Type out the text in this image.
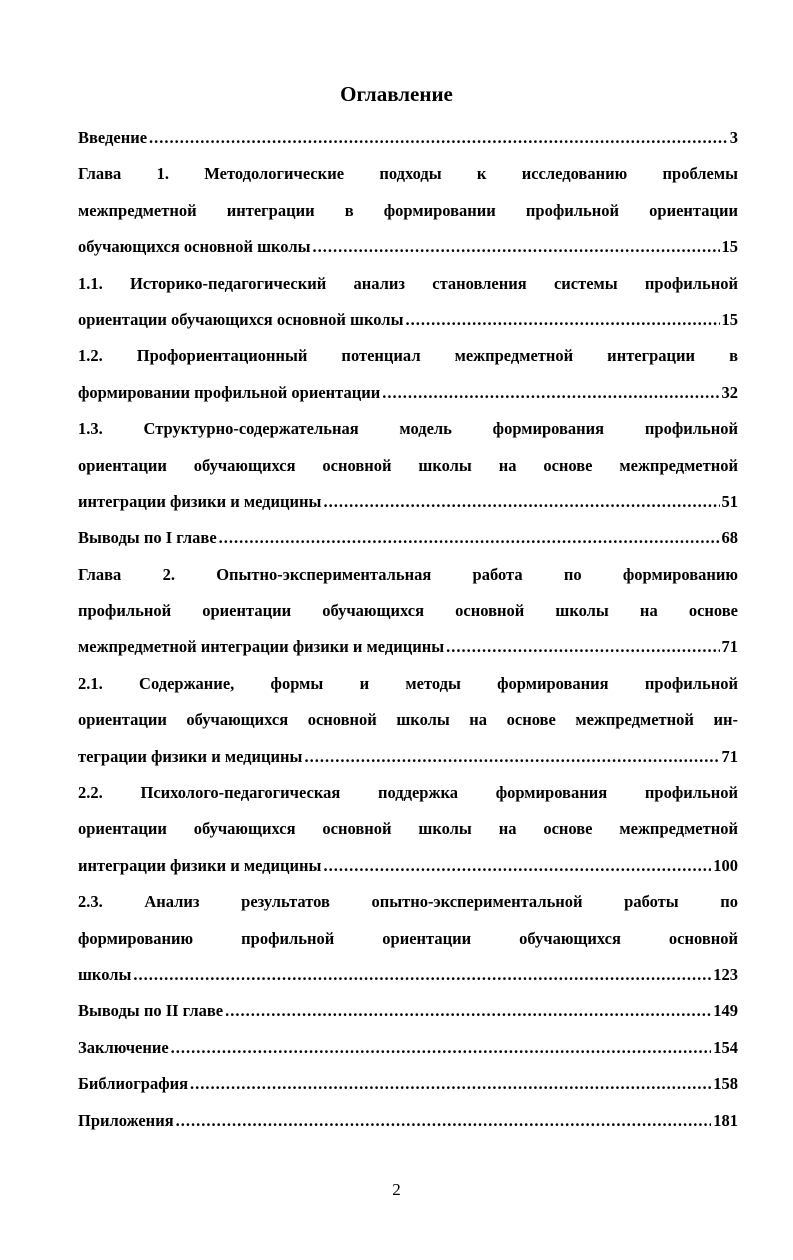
Оглавление
Введение .....	3
Глава 1. Методологические подходы к исследованию проблемы
межпредметной интеграции в формировании профильной ориентации
обучающихся основной школы .....	15
1.1. Историко-педагогический анализ становления системы профильной
ориентации обучающихся основной школы .....	15
1.2. Профориентационный потенциал межпредметной интеграции в
формировании профильной ориентации .....	32
1.3. Структурно-содержательная модель формирования профильной
ориентации обучающихся основной школы на основе межпредметной
интеграции физики и медицины .....	51
Выводы по I главе .....	68
Глава 2. Опытно-экспериментальная работа по формированию
профильной ориентации обучающихся основной школы на основе
межпредметной интеграции физики и медицины .....	71
2.1. Содержание, формы и методы формирования профильной
ориентации обучающихся основной школы на основе межпредметной ин-
теграции физики и медицины .....	71
2.2. Психолого-педагогическая поддержка формирования профильной
ориентации обучающихся основной школы на основе межпредметной
интеграции физики и медицины .....	100
2.3. Анализ результатов опытно-экспериментальной работы по
формированию профильной ориентации обучающихся основной
школы .....	123
Выводы по II главе .....	149
Заключение .....	154
Библиография .....	158
Приложения .....	181
2
